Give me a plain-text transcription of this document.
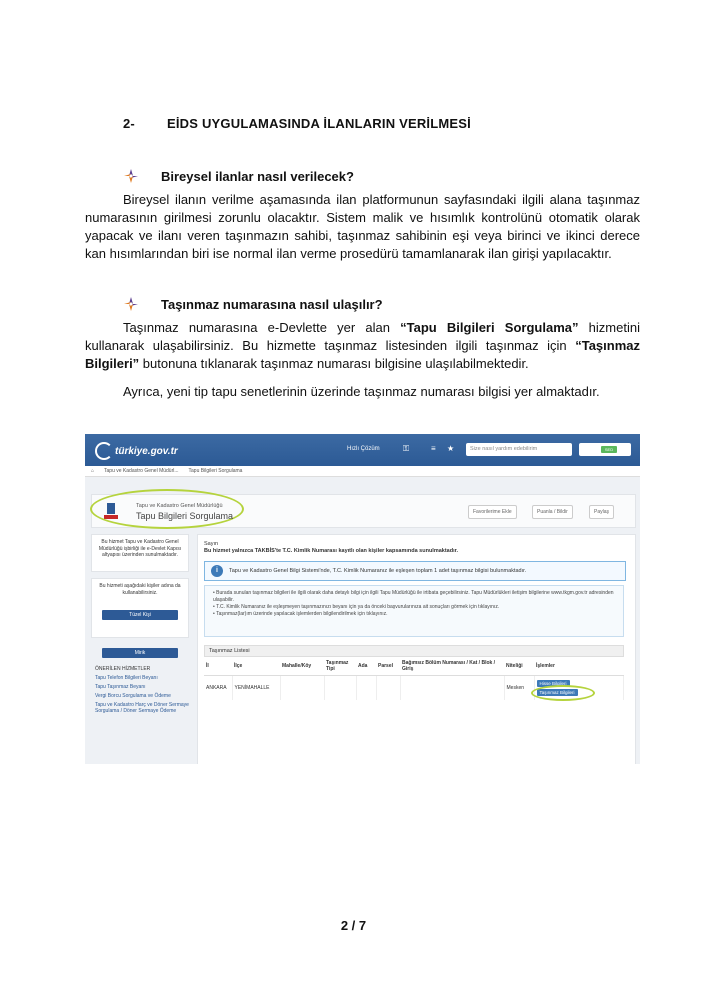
2- EİDS UYGULAMASINDA İLANLARIN VERİLMESİ
Bireysel ilanlar nasıl verilecek?

Bireysel ilanın verilme aşamasında ilan platformunun sayfasındaki ilgili alana taşınmaz numarasının girilmesi zorunlu olacaktır. Sistem malik ve hısımlık kontrolünü otomatik olarak yapacak ve ilanı veren taşınmazın sahibi, taşınmaz sahibinin eşi veya birinci ve ikinci derece kan hısımlarından biri ise normal ilan verme prosedürü tamamlanarak ilan girişi yapılacaktır.

Taşınmaz numarasına nasıl ulaşılır?

Taşınmaz numarasına e-Devlette yer alan “Tapu Bilgileri Sorgulama” hizmetini kullanarak ulaşabilirsiniz. Bu hizmette taşınmaz listesinden ilgili taşınmaz için “Taşınmaz Bilgileri” butonuna tıklanarak taşınmaz numarası bilgisine ulaşılabilmektedir.

Ayrıca, yeni tip tapu senetlerinin üzerinde taşınmaz numarası bilgisi yer almaktadır.

türkiye.gov.tr	Hızlı Çözüm	⚿	≡ ★	Size nasıl yardım edebilirim	SED
⌂ Tapu ve Kadastro Genel Müdürl... Tapu Bilgileri Sorgulama
Tapu ve Kadastro Genel Müdürlüğü
Tapu Bilgileri Sorgulama	Favorilerime Ekle	Puanla / Bildir	Paylaş
Bu hizmet Tapu ve Kadastro Genel Müdürlüğü işbirliği ile e-Devlet Kapısı altyapısı üzerinden sunulmaktadır.
Bu hizmeti aşağıdaki kişiler adına da kullanabilirsiniz.
Tüzel Kişi
Mirik
ÖNERİLEN HİZMETLER
Tapu Telefon Bilgileri Beyanı
Tapu Taşınmaz Beyanı
Vergi Borcu Sorgulama ve Ödeme
Tapu ve Kadastro Harç ve Döner Sermaye Sorgulama / Döner Sermaye Ödeme
Sayın
Bu hizmet yalnızca TAKBİS'te T.C. Kimlik Numarası kayıtlı olan kişiler kapsamında sunulmaktadır.
i	Tapu ve Kadastro Genel Bilgi Sistemi'nde, T.C. Kimlik Numaranız ile eşleşen toplam 1 adet taşınmaz bilgisi bulunmaktadır.
• Burada sunulan taşınmaz bilgileri ile ilgili olarak daha detaylı bilgi için ilgili Tapu Müdürlüğü ile irtibata geçebilirsiniz. Tapu Müdürlükleri iletişim bilgilerine www.tkgm.gov.tr adresinden ulaşabilir.
• T.C. Kimlik Numaranız ile eşleşmeyen taşınmazınızı beyanı için ya da önceki başvurularınıza ait sonuçları görmek için tıklayınız.
• Taşınmaz(lar)ım üzerinde yapılacak işlemlerden bilgilendirilmek için tıklayınız.
Taşınmaz Listesi
İl	İlçe	Mahalle/Köy	Taşınmaz Tipi	Ada	Parsel	Bağımsız Bölüm Numarası / Kat / Blok / Giriş	Niteliği	İşlemler
ANKARA	YENİMAHALLE						Mesken	Hisse Bilgileri
Taşınmaz Bilgileri
2 / 7
